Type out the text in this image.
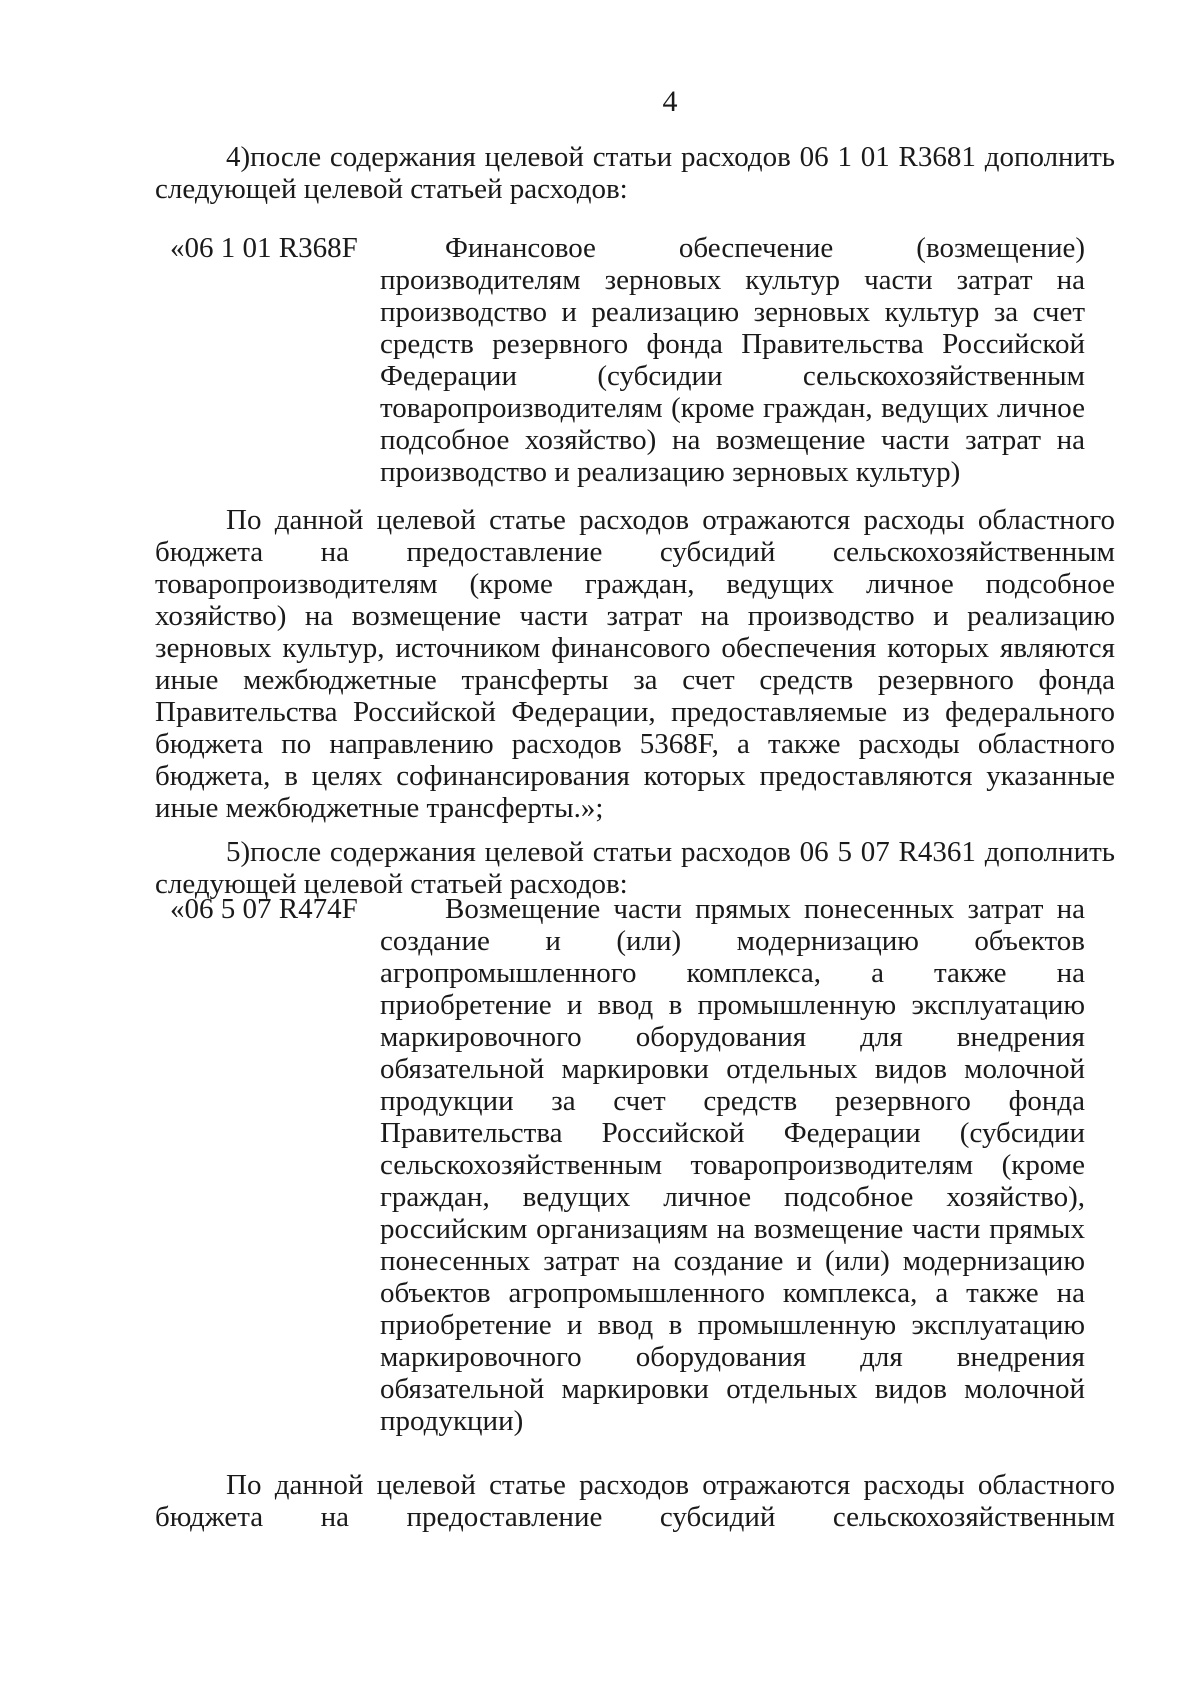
4

4)после содержания целевой статьи расходов 06 1 01 R3681 дополнить следующей целевой статьей расходов:

«06 1 01 R368F	Финансовое обеспечение (возмещение) производителям зерновых культур части затрат на производство и реализацию зерновых культур за счет средств резервного фонда Правительства Российской Федерации (субсидии сельскохозяйственным товаропроизводителям (кроме граждан, ведущих личное подсобное хозяйство) на возмещение части затрат на производство и реализацию зерновых культур)

По данной целевой статье расходов отражаются расходы областного бюджета на предоставление субсидий сельскохозяйственным товаропроизводителям (кроме граждан, ведущих личное подсобное хозяйство) на возмещение части затрат на производство и реализацию зерновых культур, источником финансового обеспечения которых являются иные межбюджетные трансферты за счет средств резервного фонда Правительства Российской Федерации, предоставляемые из федерального бюджета по направлению расходов 5368F, а также расходы областного бюджета, в целях софинансирования которых предоставляются указанные иные межбюджетные трансферты.»;

5)после содержания целевой статьи расходов 06 5 07 R4361 дополнить следующей целевой статьей расходов:

«06 5 07 R474F	Возмещение части прямых понесенных затрат на создание и (или) модернизацию объектов агропромышленного комплекса, а также на приобретение и ввод в промышленную эксплуатацию маркировочного оборудования для внедрения обязательной маркировки отдельных видов молочной продукции за счет средств резервного фонда Правительства Российской Федерации (субсидии сельскохозяйственным товаропроизводителям (кроме граждан, ведущих личное подсобное хозяйство), российским организациям на возмещение части прямых понесенных затрат на создание и (или) модернизацию объектов агропромышленного комплекса, а также на приобретение и ввод в промышленную эксплуатацию маркировочного оборудования для внедрения обязательной маркировки отдельных видов молочной продукции)

По данной целевой статье расходов отражаются расходы областного бюджета на предоставление субсидий сельскохозяйственным
